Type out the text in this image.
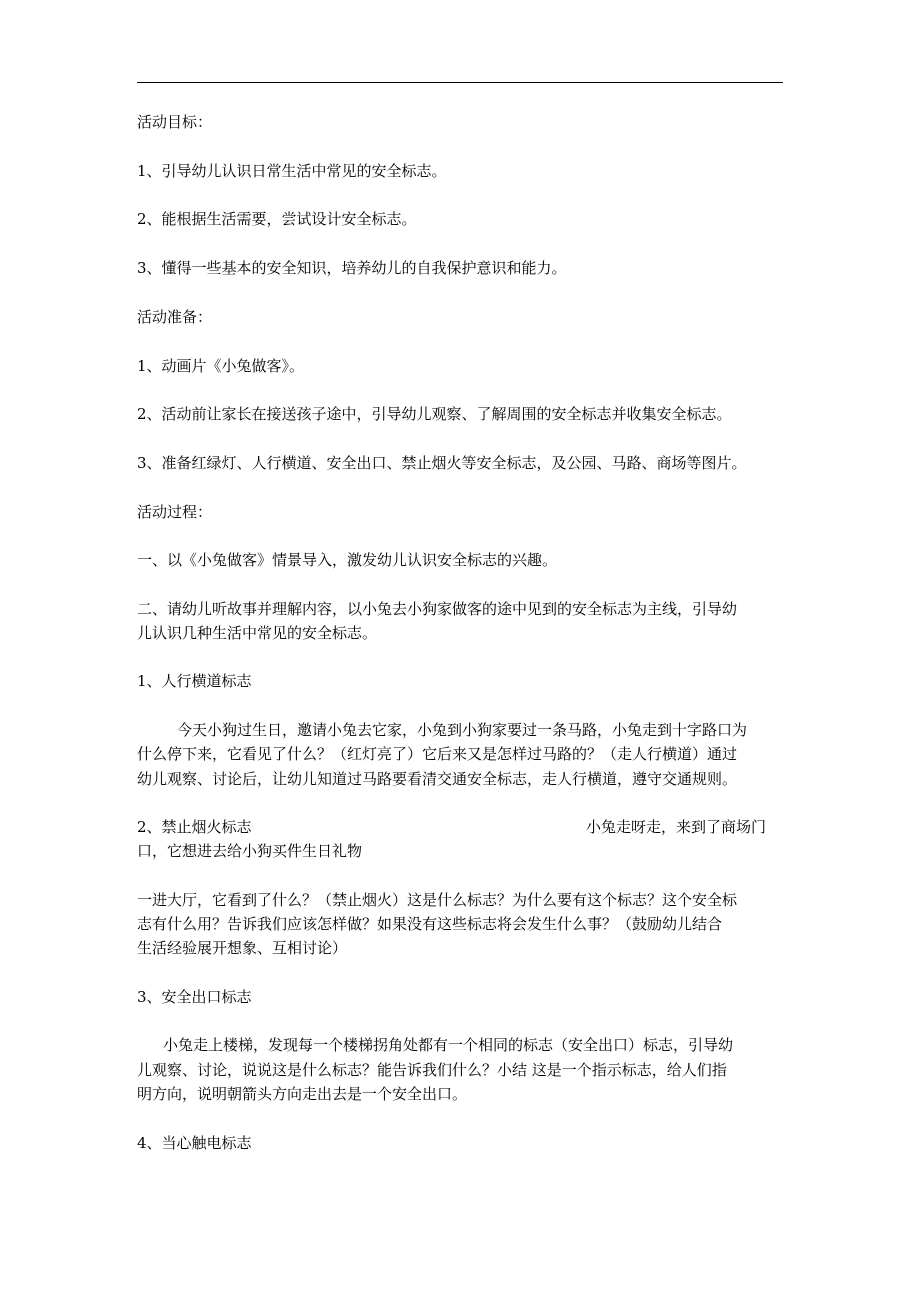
活动目标：
1、引导幼儿认识日常生活中常见的安全标志。
2、能根据生活需要，尝试设计安全标志。
3、懂得一些基本的安全知识，培养幼儿的自我保护意识和能力。
活动准备：
1、动画片《小兔做客》。
2、活动前让家长在接送孩子途中，引导幼儿观察、了解周围的安全标志并收集安全标志。
3、准备红绿灯、人行横道、安全出口、禁止烟火等安全标志，及公园、马路、商场等图片。
活动过程：
一、以《小兔做客》情景导入，激发幼儿认识安全标志的兴趣。
二、请幼儿听故事并理解内容，以小兔去小狗家做客的途中见到的安全标志为主线，引导幼
儿认识几种生活中常见的安全标志。
1、人行横道标志
今天小狗过生日，邀请小兔去它家，小兔到小狗家要过一条马路，小兔走到十字路口为
什么停下来，它看见了什么？（红灯亮了）它后来又是怎样过马路的？（走人行横道）通过
幼儿观察、讨论后，让幼儿知道过马路要看清交通安全标志，走人行横道，遵守交通规则。
2、禁止烟火标志	小兔走呀走，来到了商场门
口，它想进去给小狗买件生日礼物
一进大厅，它看到了什么？（禁止烟火）这是什么标志？为什么要有这个标志？这个安全标
志有什么用？告诉我们应该怎样做？如果没有这些标志将会发生什么事？（鼓励幼儿结合
生活经验展开想象、互相讨论）
3、安全出口标志
小兔走上楼梯，发现每一个楼梯拐角处都有一个相同的标志（安全出口）标志，引导幼
儿观察、讨论，说说这是什么标志？能告诉我们什么？小结 这是一个指示标志，给人们指
明方向，说明朝箭头方向走出去是一个安全出口。
4、当心触电标志
